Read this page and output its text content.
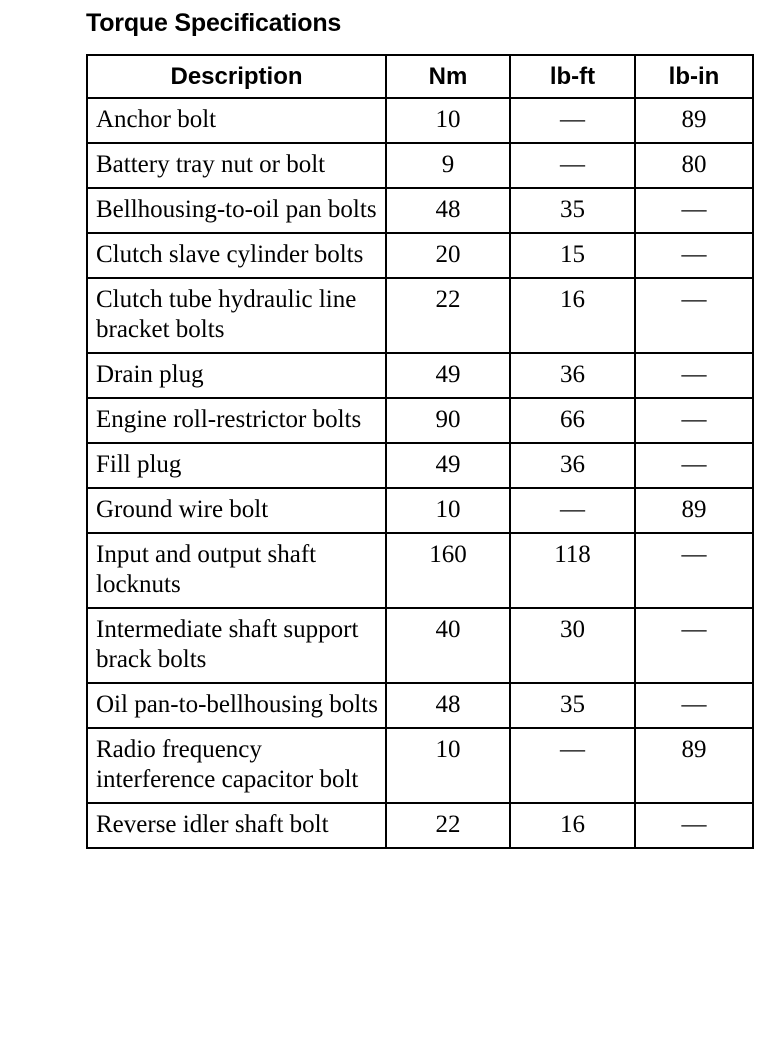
Torque Specifications
Description	Nm	lb-ft	lb-in
Anchor bolt	10	—	89
Battery tray nut or bolt	9	—	80
Bellhousing-to-oil pan bolts	48	35	—
Clutch slave cylinder bolts	20	15	—
Clutch tube hydraulic line bracket bolts	22	16	—
Drain plug	49	36	—
Engine roll-restrictor bolts	90	66	—
Fill plug	49	36	—
Ground wire bolt	10	—	89
Input and output shaft locknuts	160	118	—
Intermediate shaft support brack bolts	40	30	—
Oil pan-to-bellhousing bolts	48	35	—
Radio frequency interference capacitor bolt	10	—	89
Reverse idler shaft bolt	22	16	—
